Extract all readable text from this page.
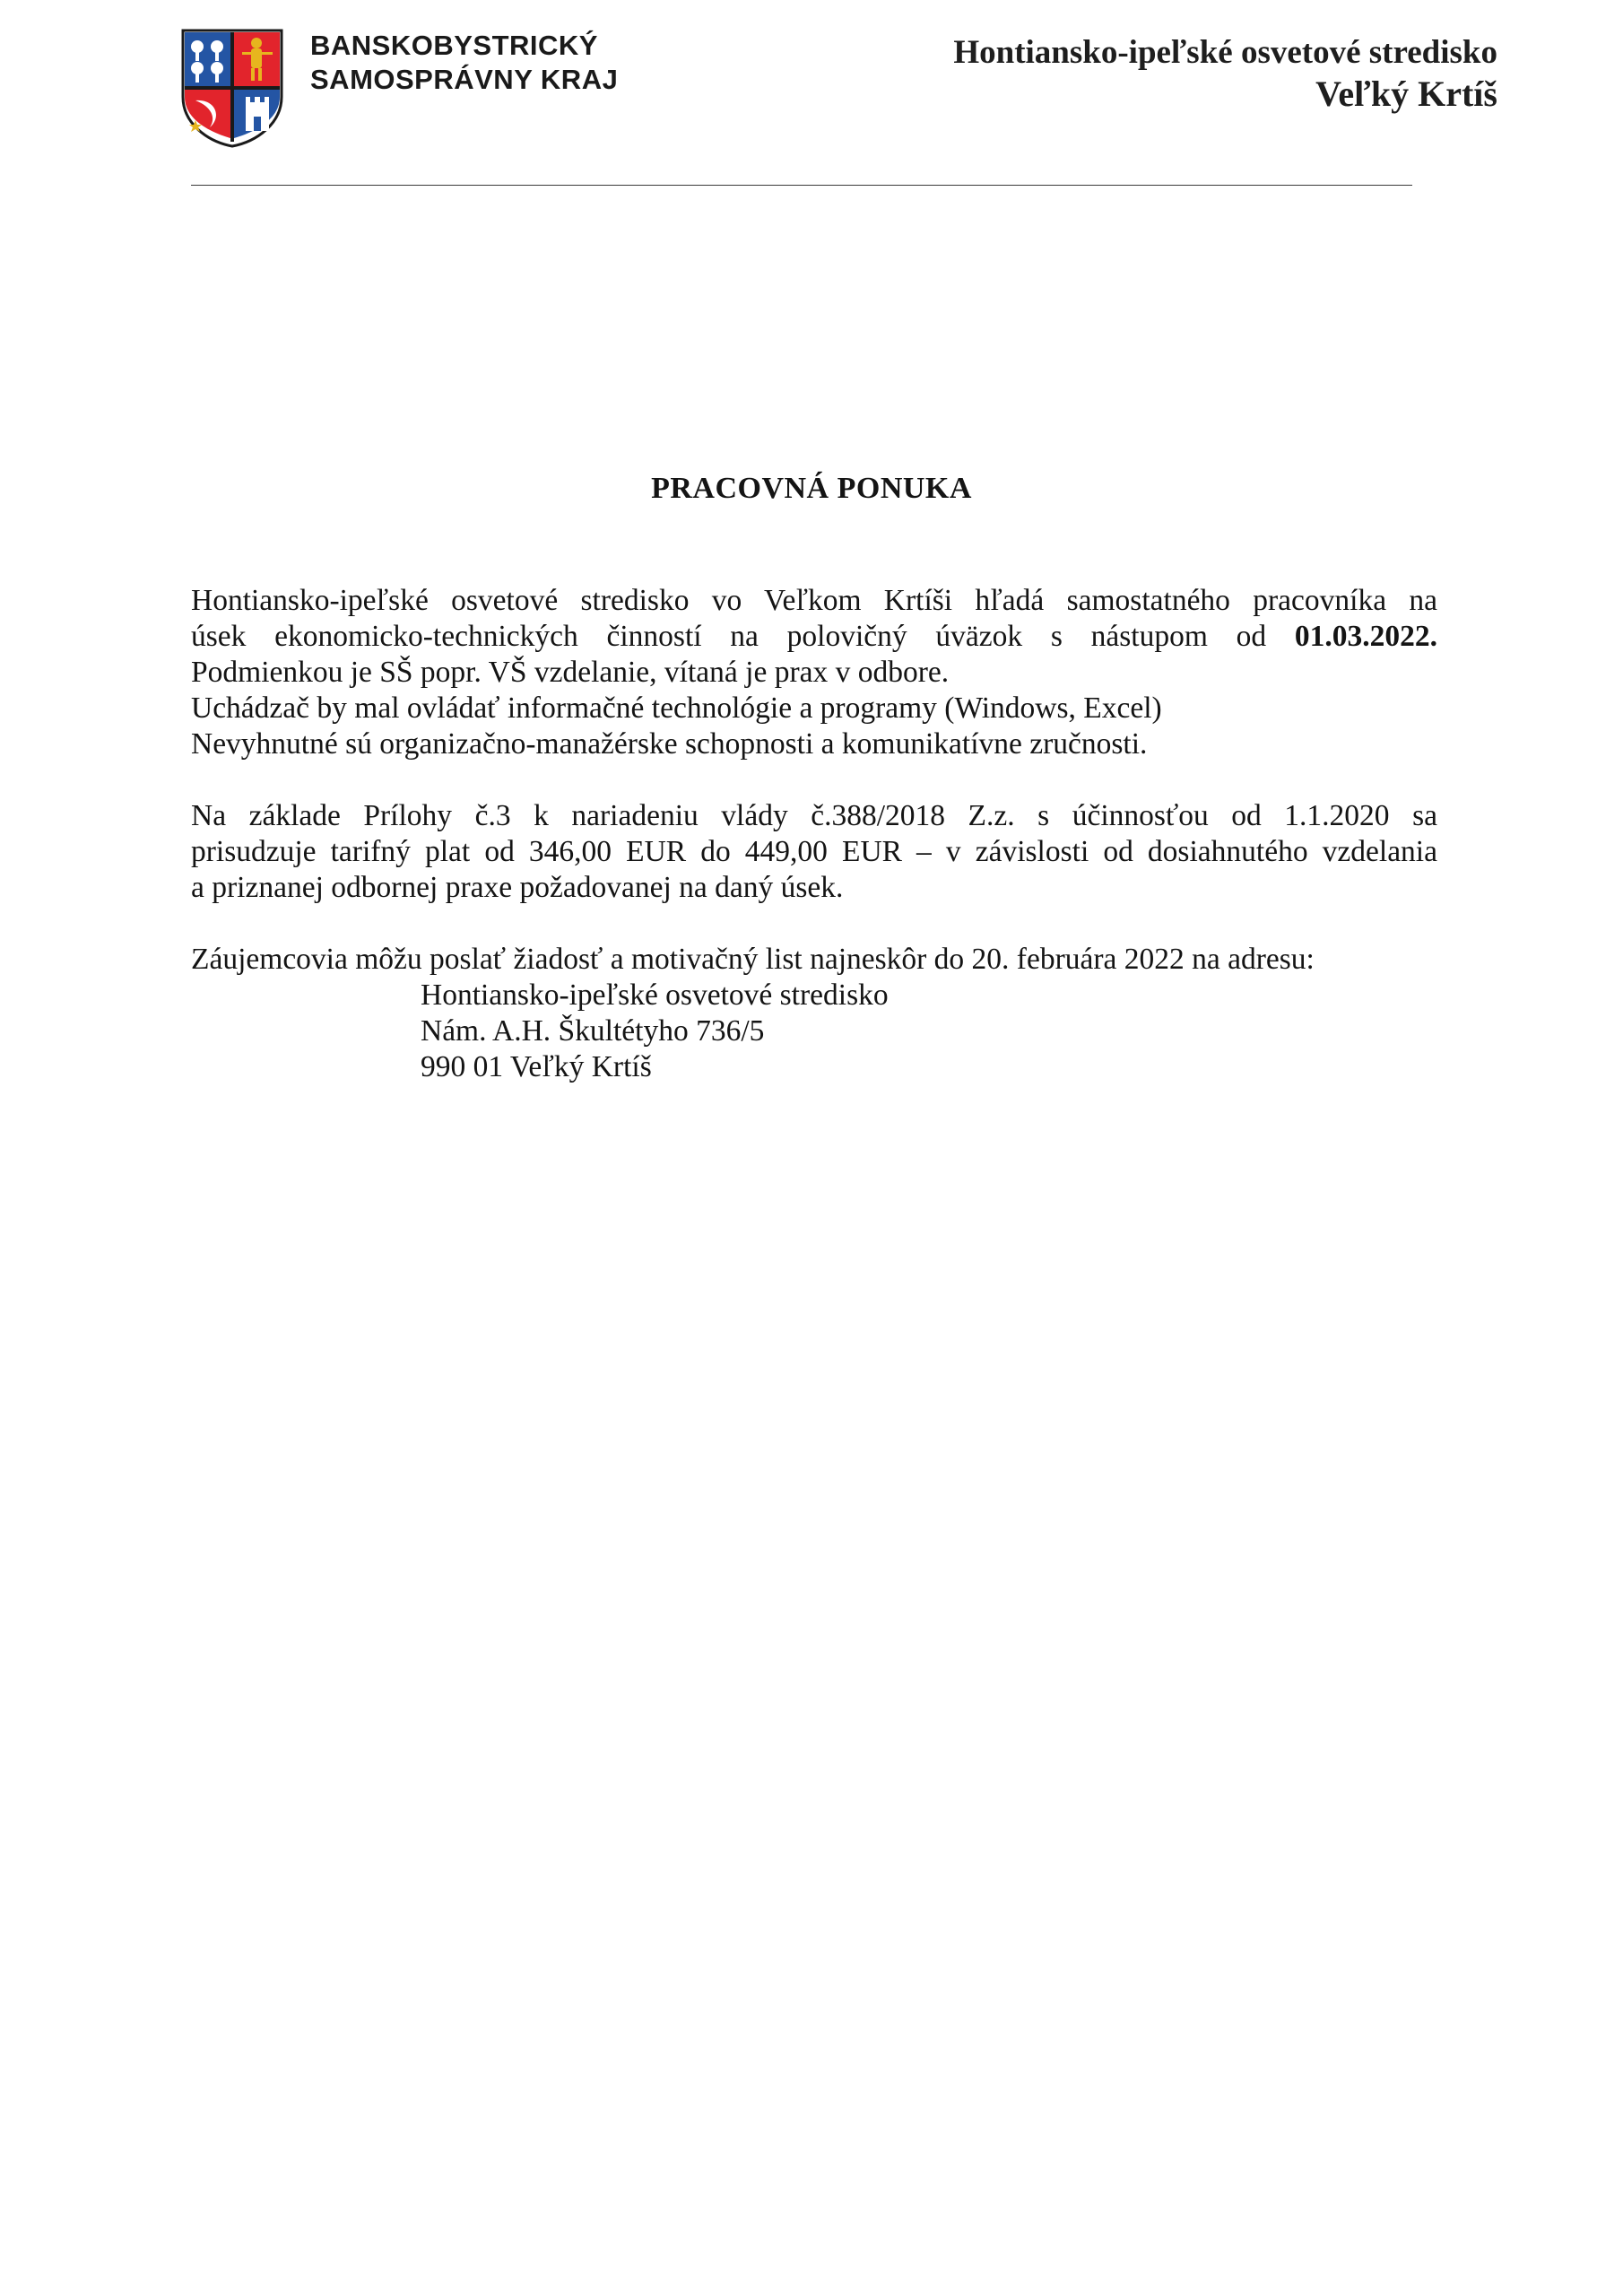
BANSKOBYSTRICKÝ
SAMOSPRÁVNY KRAJ
Hontiansko-ipeľské osvetové stredisko
Veľký Krtíš
PRACOVNÁ PONUKA

Hontiansko-ipeľské osvetové stredisko vo Veľkom Krtíši hľadá samostatného pracovníka na

úsek ekonomicko-technických činností na polovičný úväzok s nástupom od 01.03.2022.

Podmienkou je SŠ popr. VŠ vzdelanie, vítaná je prax v odbore.

Uchádzač by mal ovládať informačné technológie a programy (Windows, Excel)

Nevyhnutné sú organizačno-manažérske schopnosti a komunikatívne zručnosti.

Na základe Prílohy č.3 k nariadeniu vlády č.388/2018 Z.z. s účinnosťou od 1.1.2020 sa

prisudzuje tarifný plat od 346,00 EUR do 449,00 EUR – v závislosti od dosiahnutého vzdelania

a priznanej odbornej praxe požadovanej na daný úsek.

Záujemcovia môžu poslať žiadosť a motivačný list najneskôr do 20. februára 2022 na adresu:

Hontiansko-ipeľské osvetové stredisko
Nám. A.H. Škultétyho 736/5
990 01 Veľký Krtíš
